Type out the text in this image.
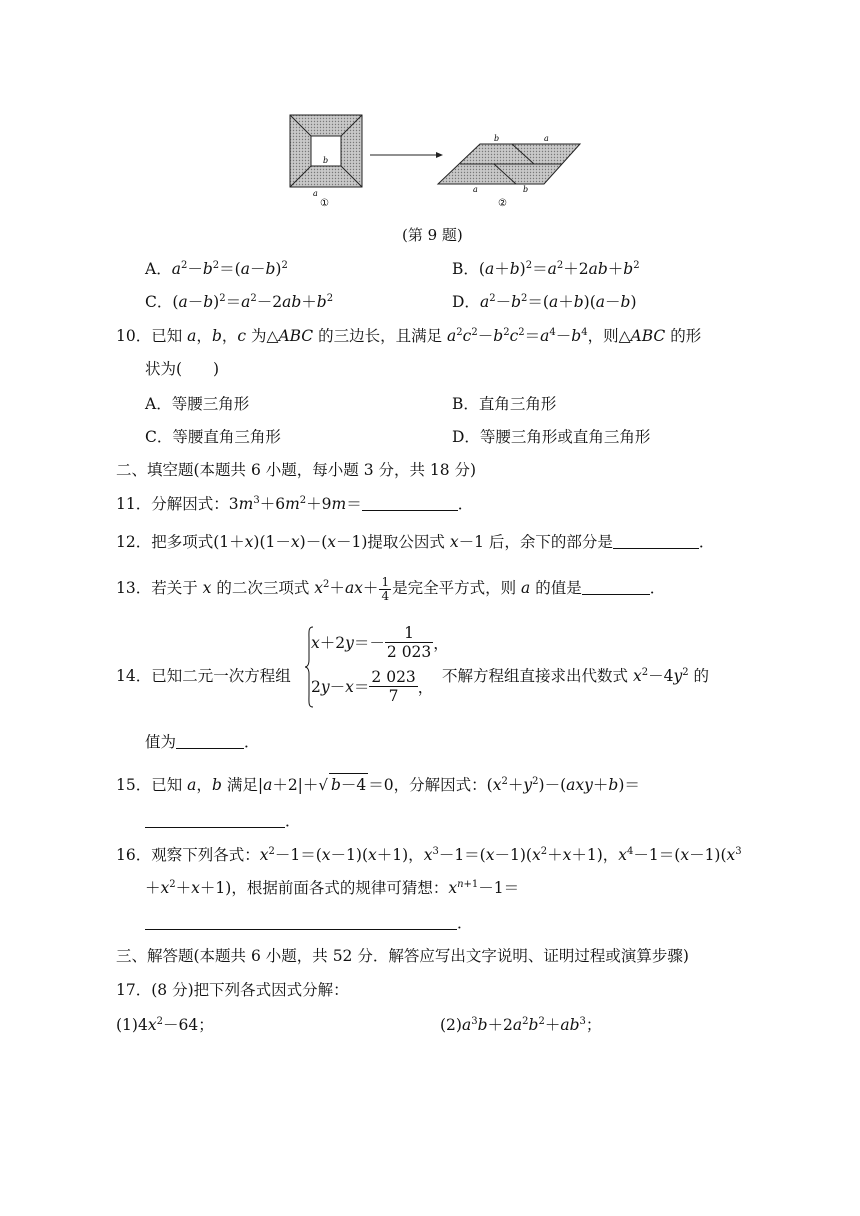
b
a
①
b	a
a	b
②
(第 9 题)
A．$a^2-b^2=(a-b)^2$	B．$(a+b)^2=a^2+2ab+b^2$
C．$(a-b)^2=a^2-2ab+b^2$	D．$a^2-b^2=(a+b)(a-b)$
10．已知 a，b，c 为△ABC 的三边长，且满足 $a^2c^2-b^2c^2=a^4-b^4$，则△ABC 的形
状为(　　)
A．等腰三角形	B．直角三角形
C．等腰直角三角形	D．等腰三角形或直角三角形
二、填空题(本题共 6 小题，每小题 3 分，共 18 分)
11．分解因式：$3m^3+6m^2+9m=$	．
12．把多项式(1＋x)(1－x)－(x－1)提取公因式 x－1 后，余下的部分是	．
13．若关于 x 的二次三项式 $x^2+ax+ \frac{1}{4}$ 是完全平方式，则 a 的值是	．
14．已知二元一次方程组
$x+2y=- \frac{1}{2 023}$ ，
$2y-x= \frac{2 023}{7}$ ，
不解方程组直接求出代数式 $x^2-4y^2$ 的
值为	．
15．已知 a，b 满足|a＋2|＋√ b－4 ＝0，分解因式：$(x^2+y^2)-(axy+b)=$
．
16．观察下列各式：$x^2-1=(x-1)(x+1)$，$x^3-1=(x-1)(x^2+x+1)$，$x^4-1=(x-1)(x^3$
$+x^2+x+1$)，根据前面各式的规律可猜想：$x^{n+1}-1=$
．
三、解答题(本题共 6 小题，共 52 分．解答应写出文字说明、证明过程或演算步骤)
17．(8 分)把下列各式因式分解：
$(1)4x^2-64$；	$(2)a^3b+2a^2b^2+ab^3$；
